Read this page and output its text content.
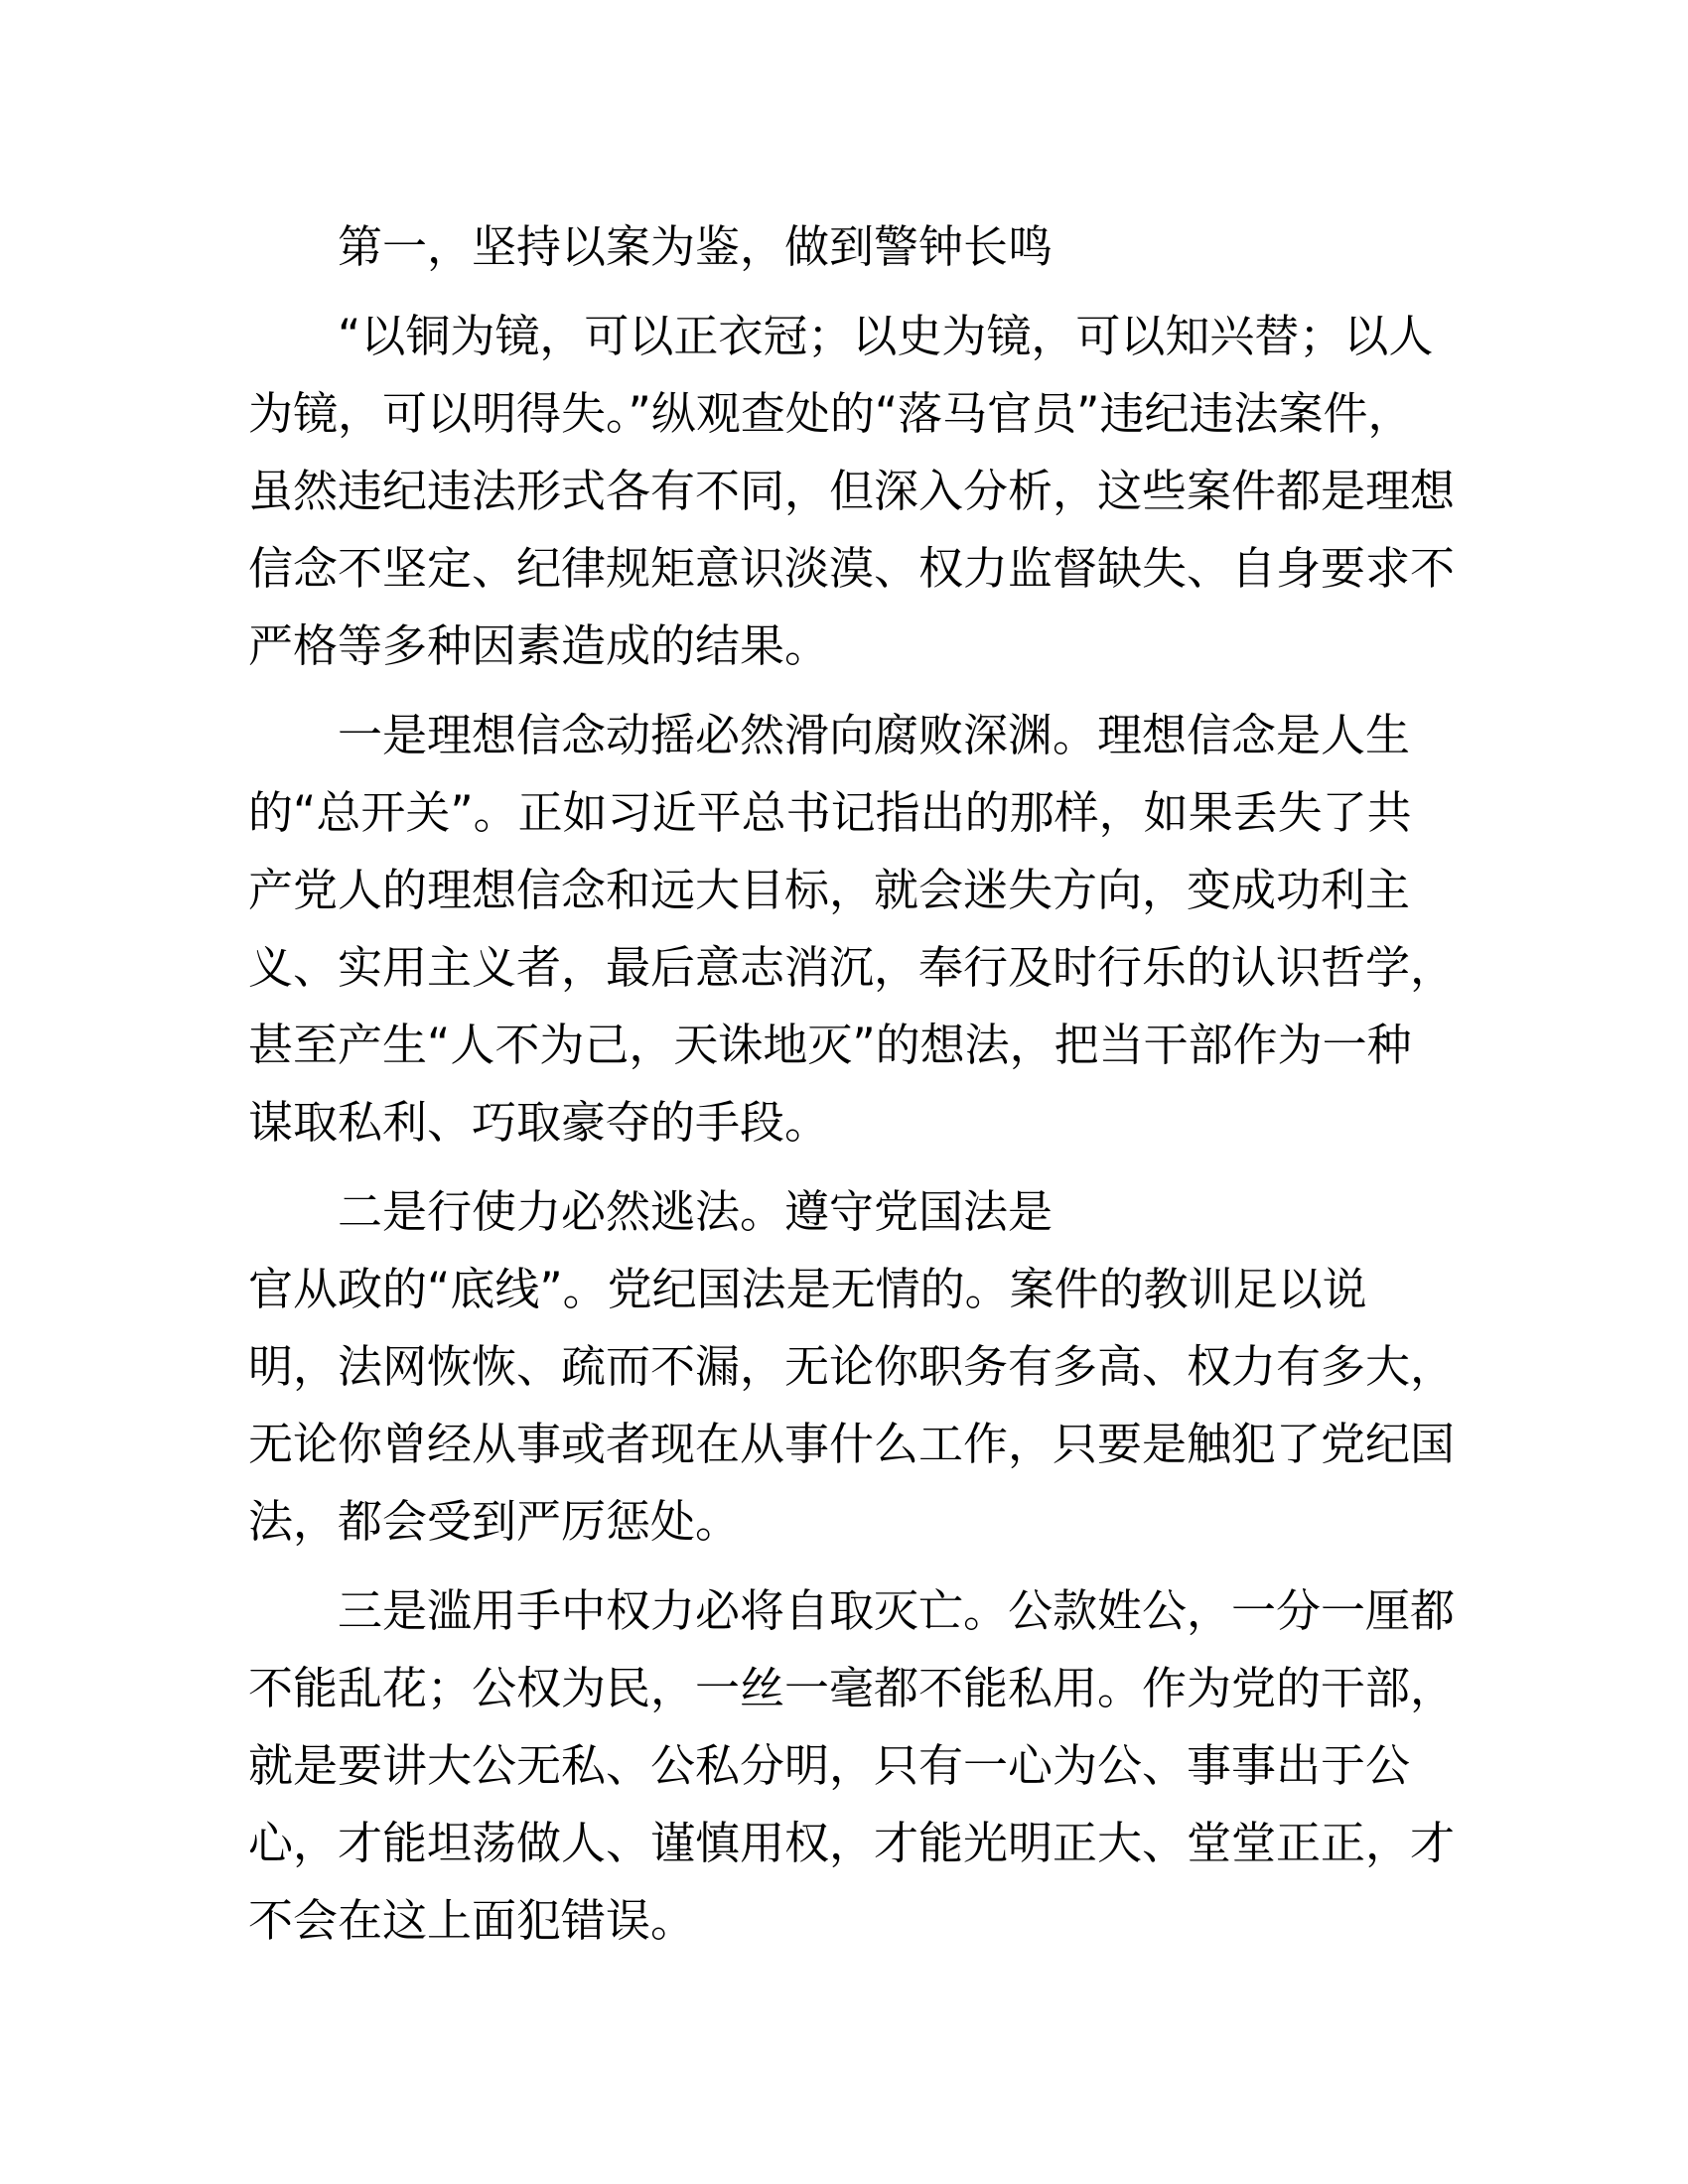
第一，坚持以案为鉴，做到警钟长鸣

“以铜为镜，可以正衣冠；以史为镜，可以知兴替；以人
为镜，可以明得失。”纵观查处的“落马官员”违纪违法案件，
虽然违纪违法形式各有不同，但深入分析，这些案件都是理想
信念不坚定、纪律规矩意识淡漠、权力监督缺失、自身要求不
严格等多种因素造成的结果。

一是理想信念动摇必然滑向腐败深渊。理想信念是人生
的“总开关”。正如习近平总书记指出的那样，如果丢失了共
产党人的理想信念和远大目标，就会迷失方向，变成功利主
义、实用主义者，最后意志消沉，奉行及时行乐的认识哲学，
甚至产生“人不为己，天诛地灭”的想法，把当干部作为一种
谋取私利、巧取豪夺的手段。

二是行使力必然逃法。遵守党国法是
官从政的“底线”。党纪国法是无情的。案件的教训足以说
明，法网恢恢、疏而不漏，无论你职务有多高、权力有多大，
无论你曾经从事或者现在从事什么工作，只要是触犯了党纪国
法，都会受到严厉惩处。

三是滥用手中权力必将自取灭亡。公款姓公，一分一厘都
不能乱花；公权为民，一丝一毫都不能私用。作为党的干部，
就是要讲大公无私、公私分明，只有一心为公、事事出于公
心，才能坦荡做人、谨慎用权，才能光明正大、堂堂正正，才
不会在这上面犯错误。
